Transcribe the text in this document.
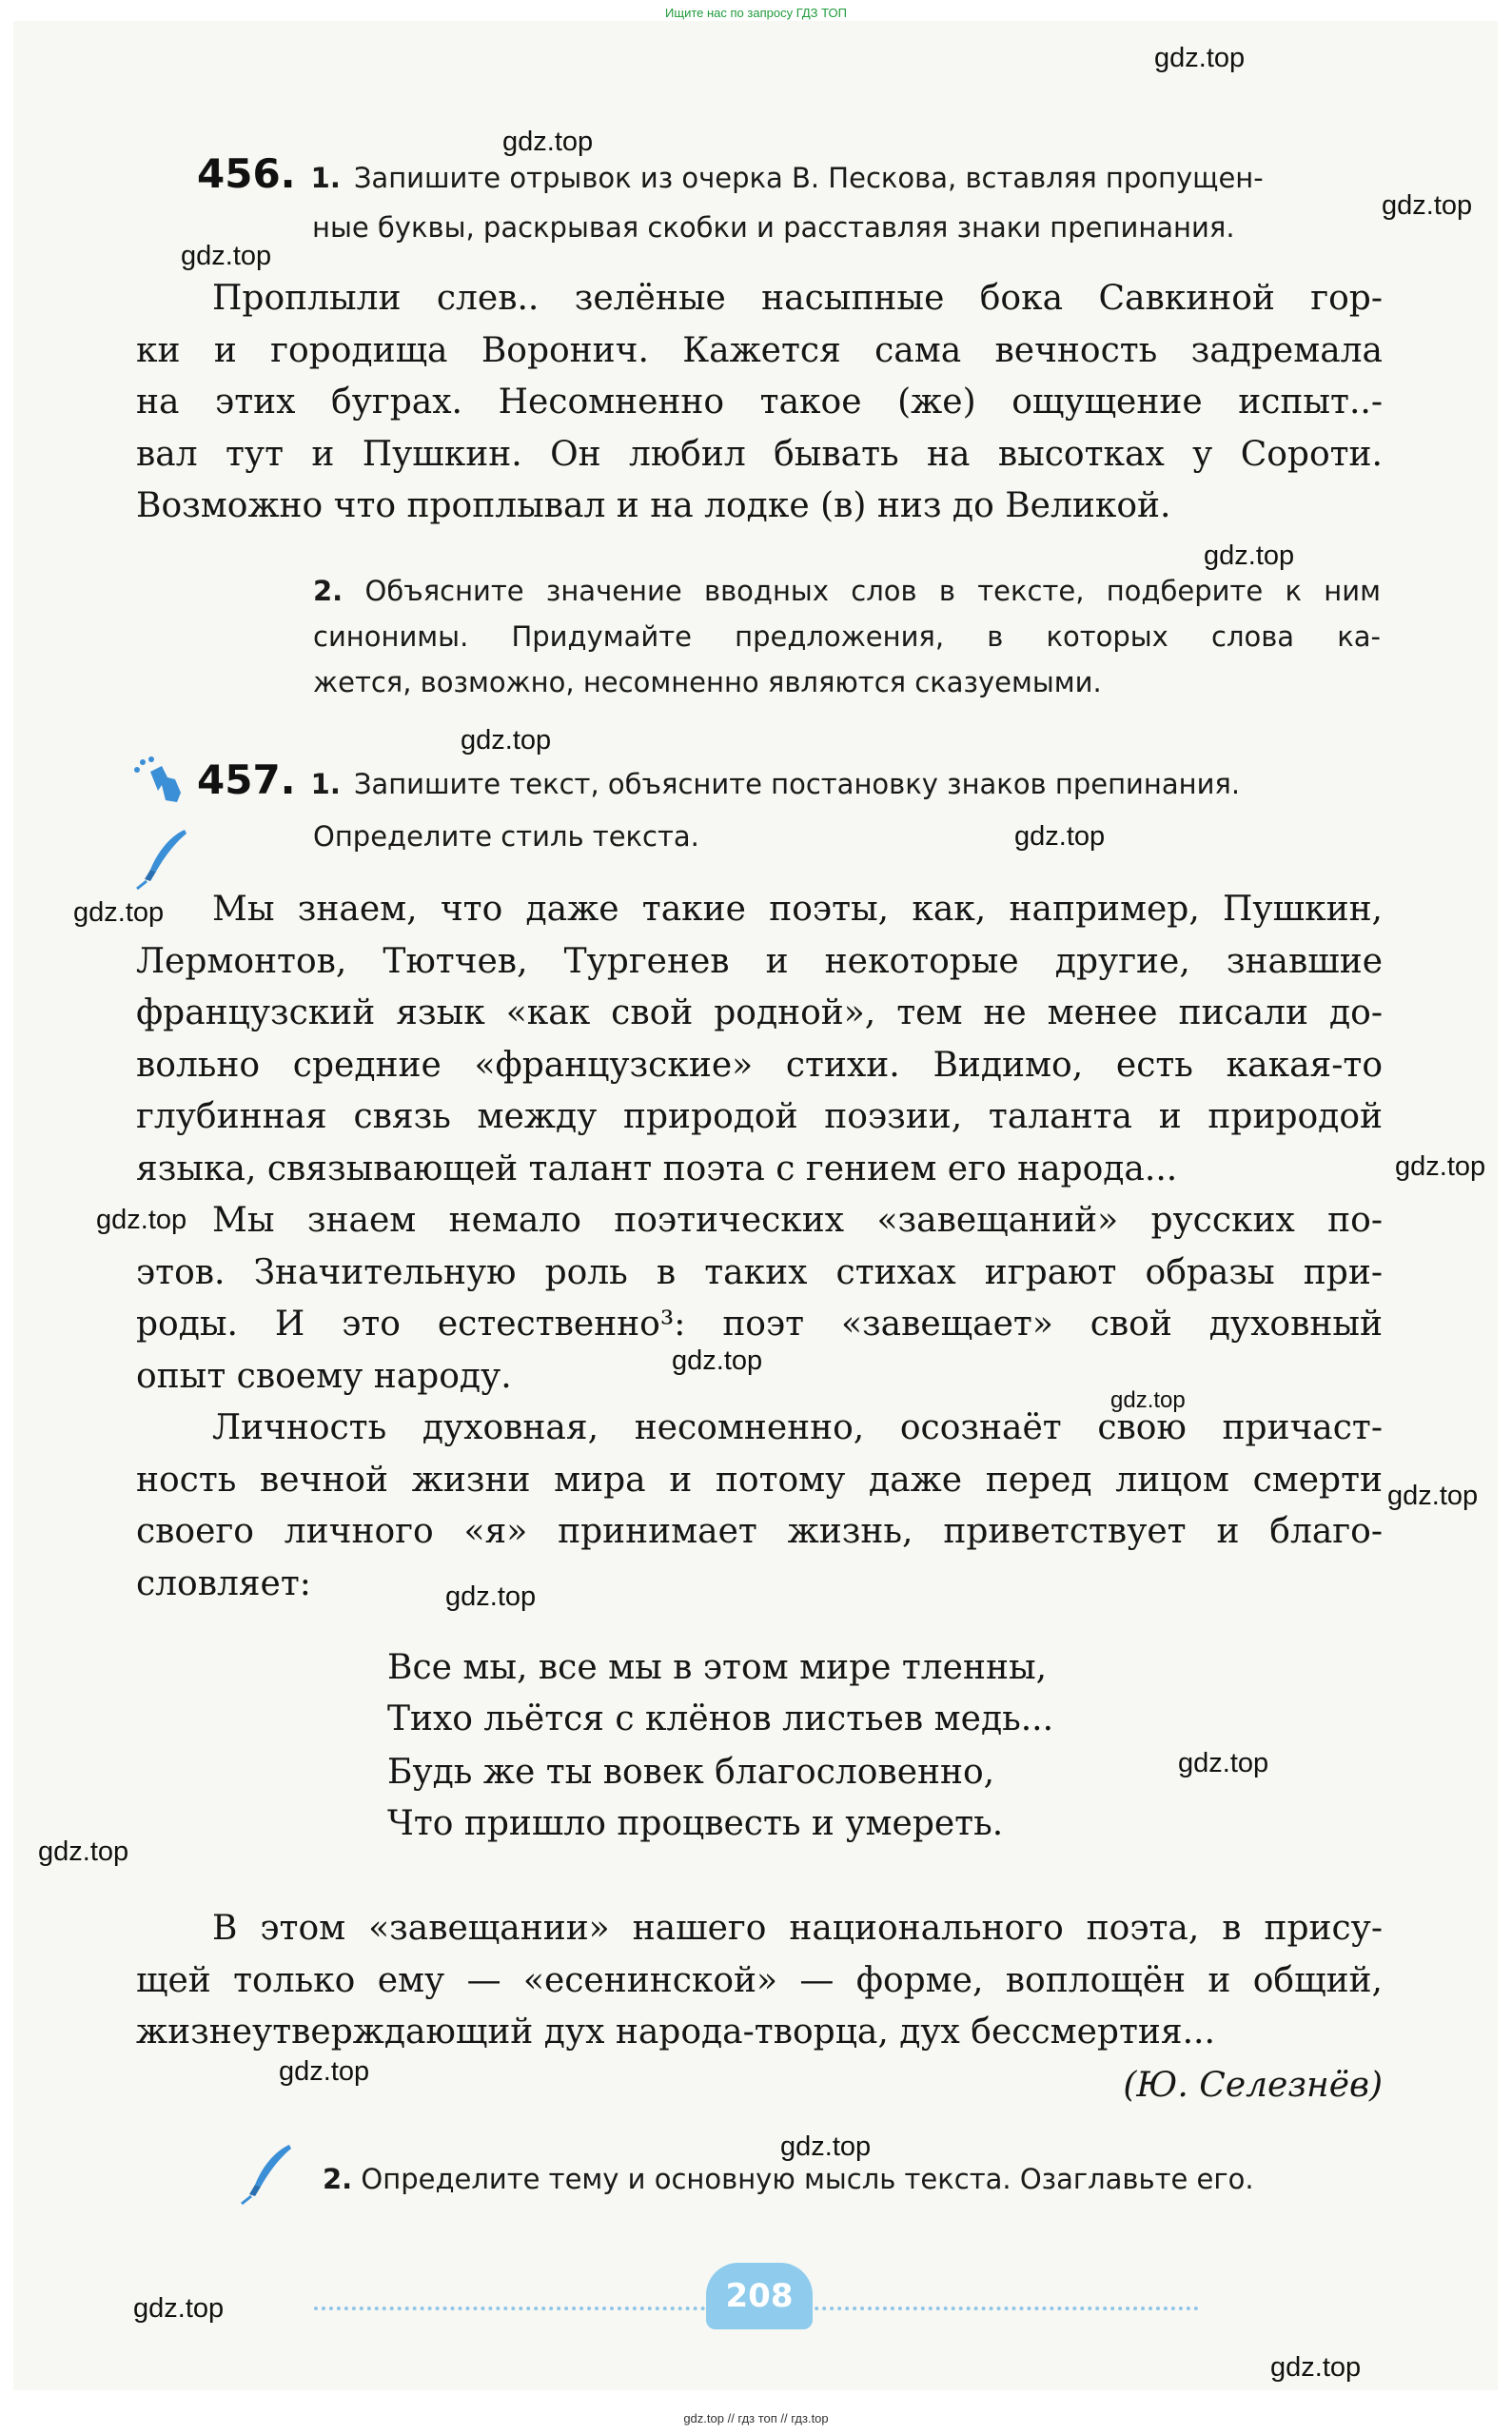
Ищите нас по запросу ГДЗ ТОП
456. 1. Запишите отрывок из очерка В. Пескова, вставляя пропущен-
ные буквы, раскрывая скобки и расставляя знаки препинания.
Проплыли слев.. зелёные насыпные бока Савкиной гор-
ки и городища Воронич. Кажется сама вечность задремала
на этих буграх. Несомненно такое (же) ощущение испыт..-
вал тут и Пушкин. Он любил бывать на высотках у Сороти.
Возможно что проплывал и на лодке (в) низ до Великой.
2. Объясните значение вводных слов в тексте, подберите к ним
синонимы. Придумайте предложения, в которых слова ка-
жется, возможно, несомненно являются сказуемыми.
457. 1. Запишите текст, объясните постановку знаков препинания.
Определите стиль текста.
Мы знаем, что даже такие поэты, как, например, Пушкин,
Лермонтов, Тютчев, Тургенев и некоторые другие, знавшие
французский язык «как свой родной», тем не менее писали до-
вольно средние «французские» стихи. Видимо, есть какая-то
глубинная связь между природой поэзии, таланта и природой
языка, связывающей талант поэта с гением его народа...
Мы знаем немало поэтических «завещаний» русских по-
этов. Значительную роль в таких стихах играют образы при-
роды. И это естественно³: поэт «завещает» свой духовный
опыт своему народу.
Личность духовная, несомненно, осознаёт свою причаст-
ность вечной жизни мира и потому даже перед лицом смерти
своего личного «я» принимает жизнь, приветствует и благо-
словляет:
Все мы, все мы в этом мире тленны,
Тихо льётся с клёнов листьев медь...
Будь же ты вовек благословенно,
Что пришло процвесть и умереть.
В этом «завещании» нашего национального поэта, в прису-
щей только ему — «есенинской» — форме, воплощён и общий,
жизнеутверждающий дух народа-творца, дух бессмертия...
(Ю. Селезнёв)
2. Определите тему и основную мысль текста. Озаглавьте его.
208
gdz.top
gdz.top
gdz.top
gdz.top
gdz.top
gdz.top
gdz.top
gdz.top
gdz.top
gdz.top
gdz.top
gdz.top
gdz.top
gdz.top
gdz.top
gdz.top
gdz.top
gdz.top
gdz.top
gdz.top
gdz.top // гдз топ // гдз.top
